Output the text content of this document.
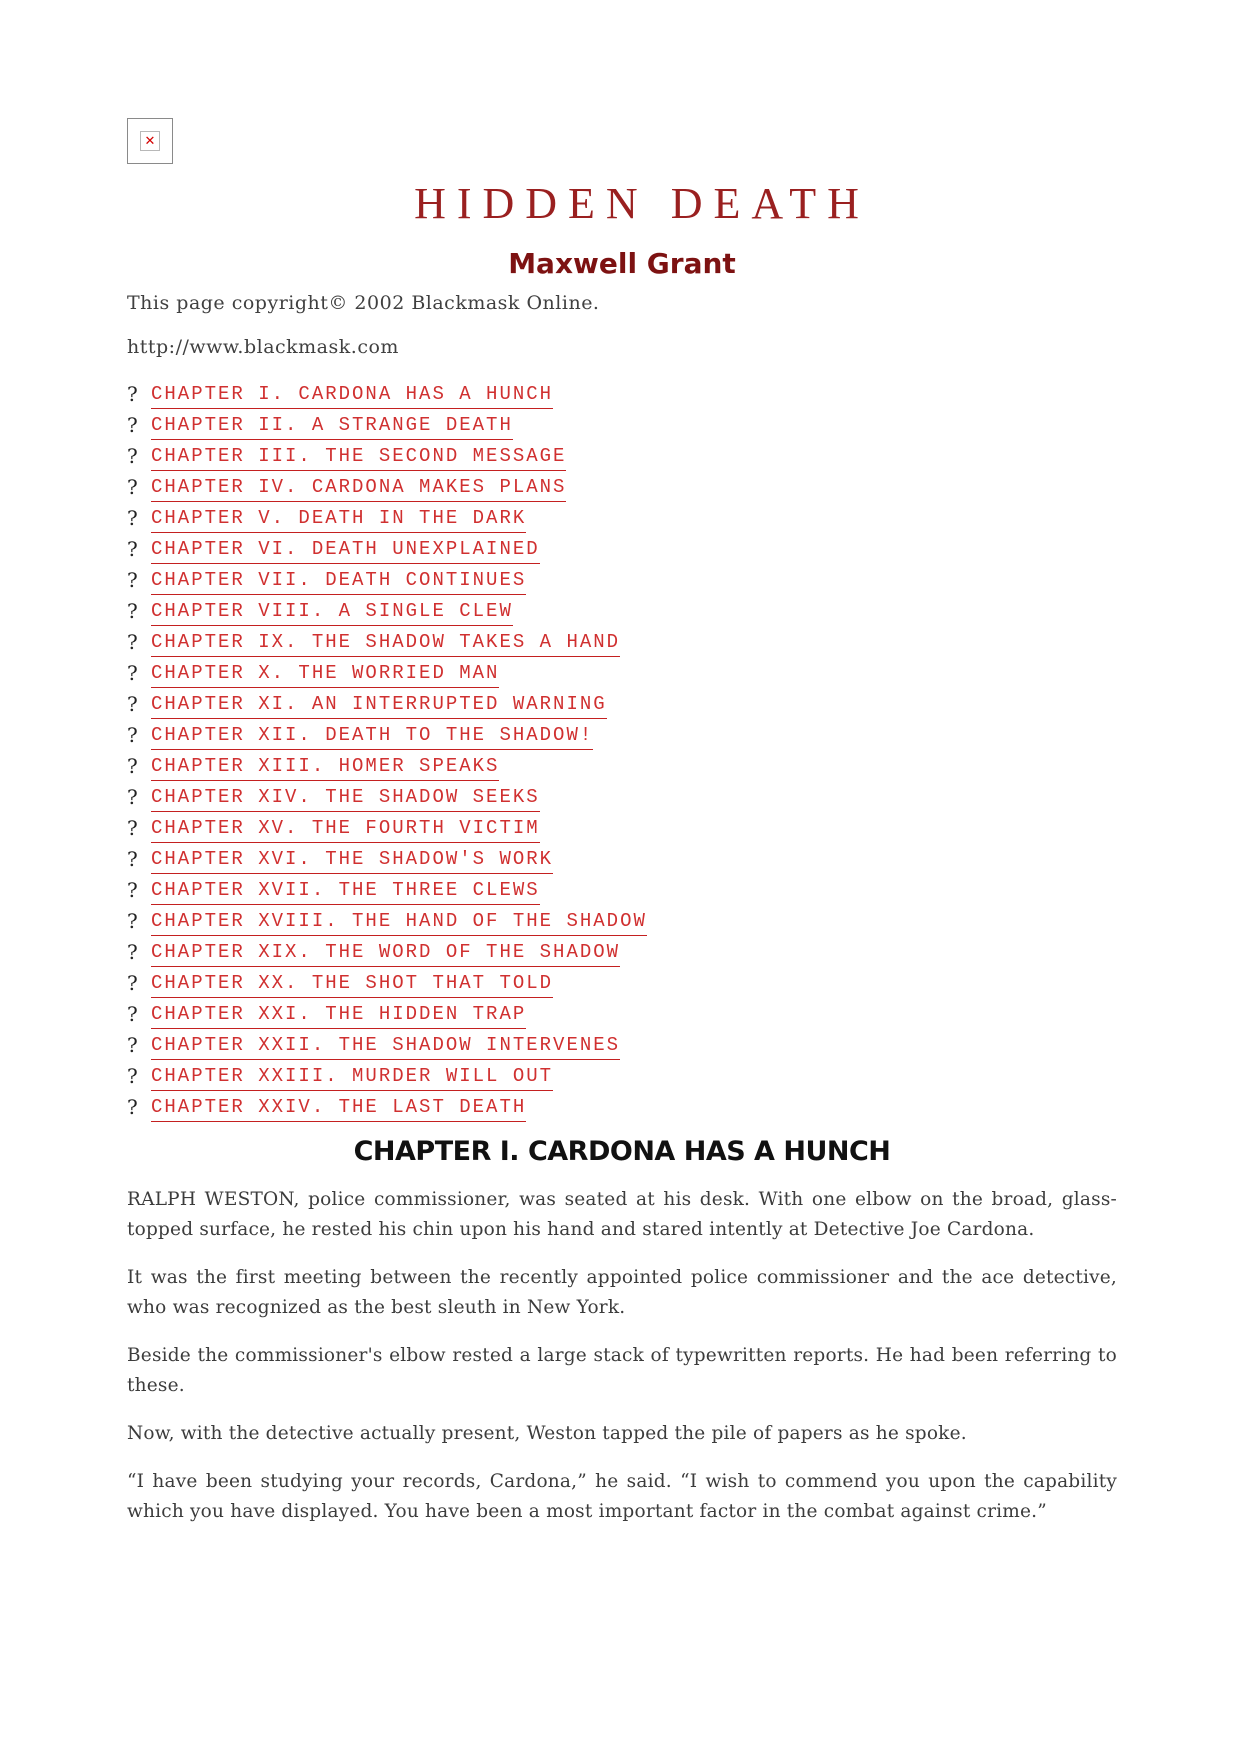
✕
HIDDEN DEATH
Maxwell Grant

This page copyright© 2002 Blackmask Online.

http://www.blackmask.com

? CHAPTER I. CARDONA HAS A HUNCH
? CHAPTER II. A STRANGE DEATH
? CHAPTER III. THE SECOND MESSAGE
? CHAPTER IV. CARDONA MAKES PLANS
? CHAPTER V. DEATH IN THE DARK
? CHAPTER VI. DEATH UNEXPLAINED
? CHAPTER VII. DEATH CONTINUES
? CHAPTER VIII. A SINGLE CLEW
? CHAPTER IX. THE SHADOW TAKES A HAND
? CHAPTER X. THE WORRIED MAN
? CHAPTER XI. AN INTERRUPTED WARNING
? CHAPTER XII. DEATH TO THE SHADOW!
? CHAPTER XIII. HOMER SPEAKS
? CHAPTER XIV. THE SHADOW SEEKS
? CHAPTER XV. THE FOURTH VICTIM
? CHAPTER XVI. THE SHADOW'S WORK
? CHAPTER XVII. THE THREE CLEWS
? CHAPTER XVIII. THE HAND OF THE SHADOW
? CHAPTER XIX. THE WORD OF THE SHADOW
? CHAPTER XX. THE SHOT THAT TOLD
? CHAPTER XXI. THE HIDDEN TRAP
? CHAPTER XXII. THE SHADOW INTERVENES
? CHAPTER XXIII. MURDER WILL OUT
? CHAPTER XXIV. THE LAST DEATH
CHAPTER I. CARDONA HAS A HUNCH

RALPH WESTON, police commissioner, was seated at his desk. With one elbow on the broad, glass-topped surface, he rested his chin upon his hand and stared intently at Detective Joe Cardona.

It was the first meeting between the recently appointed police commissioner and the ace detective, who was recognized as the best sleuth in New York.

Beside the commissioner's elbow rested a large stack of typewritten reports. He had been referring to these.

Now, with the detective actually present, Weston tapped the pile of papers as he spoke.

“I have been studying your records, Cardona,” he said. “I wish to commend you upon the capability which you have displayed. You have been a most important factor in the combat against crime.”
